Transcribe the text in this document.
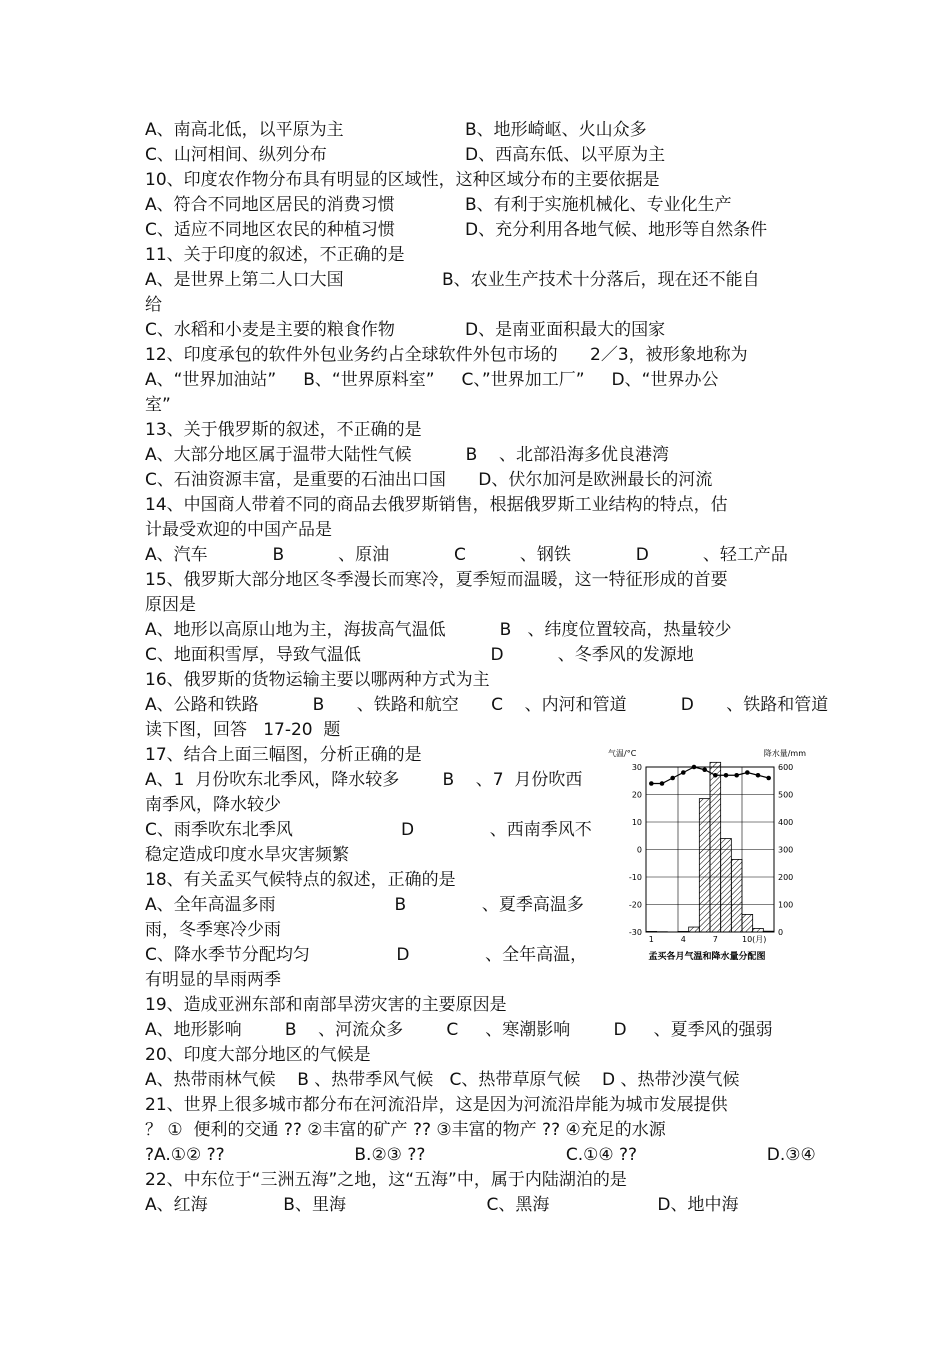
A、南高北低，以平原为主	B、地形崎岖、火山众多
C、山河相间、纵列分布	D、西高东低、以平原为主
10、印度农作物分布具有明显的区域性，这种区域分布的主要依据是
A、符合不同地区居民的消费习惯	B、有利于实施机械化、专业化生产
C、适应不同地区农民的种植习惯	D、充分利用各地气候、地形等自然条件
11、关于印度的叙述，不正确的是
A、是世界上第二人口大国	B、农业生产技术十分落后，现在还不能自
给
C、水稻和小麦是主要的粮食作物	D、是南亚面积最大的国家
12、印度承包的软件外包业务约占全球软件外包市场的      2／3，被形象地称为
A、“世界加油站”     B、“世界原料室”     C、”世界加工厂”     D、“世界办公
室”
13、关于俄罗斯的叙述，不正确的是
A、大部分地区属于温带大陆性气候          B    、北部沿海多优良港湾
C、石油资源丰富，是重要的石油出口国      D、伏尔加河是欧洲最长的河流
14、中国商人带着不同的商品去俄罗斯销售，根据俄罗斯工业结构的特点，估
计最受欢迎的中国产品是
A、汽车            B          、原油            C          、钢铁            D          、轻工产品
15、俄罗斯大部分地区冬季漫长而寒冷，夏季短而温暖，这一特征形成的首要
原因是
A、地形以高原山地为主，海拔高气温低          B   、纬度位置较高，热量较少
C、地面积雪厚，导致气温低                        D          、冬季风的发源地
16、俄罗斯的货物运输主要以哪两种方式为主
A、公路和铁路          B      、铁路和航空      C    、内河和管道          D      、铁路和管道
读下图，回答   17-20  题
17、结合上面三幅图，分析正确的是
A、1  月份吹东北季风，降水较多        B    、7  月份吹西
南季风，降水较少
C、雨季吹东北季风                    D              、西南季风不
稳定造成印度水旱灾害频繁
18、有关孟买气候特点的叙述，正确的是
A、全年高温多雨                      B              、夏季高温多
雨，冬季寒冷少雨
C、降水季节分配均匀                D              、全年高温，
有明显的旱雨两季
19、造成亚洲东部和南部旱涝灾害的主要原因是
A、地形影响        B    、河流众多        C     、寒潮影响        D     、夏季风的强弱
20、印度大部分地区的气候是
A、热带雨林气候    B 、热带季风气候   C、热带草原气候    D 、热带沙漠气候
21、世界上很多城市都分布在河流沿岸，这是因为河流沿岸能为城市发展提供
？ ①  便利的交通 ?? ②丰富的矿产 ?? ③丰富的物产 ?? ④充足的水源
?A.①② ??                        B.②③ ??                          C.①④ ??                        D.③④
22、中东位于“三洲五海”之地，这“五海”中，属于内陆湖泊的是
A、红海              B、里海                          C、黑海                    D、地中海
气温/°C	降水量/mm
孟买各月气温和降水量分配图
30
20
10
0
-10
-20
-30
600
500
400
300
200
100
0
1	4	7	10(月)
